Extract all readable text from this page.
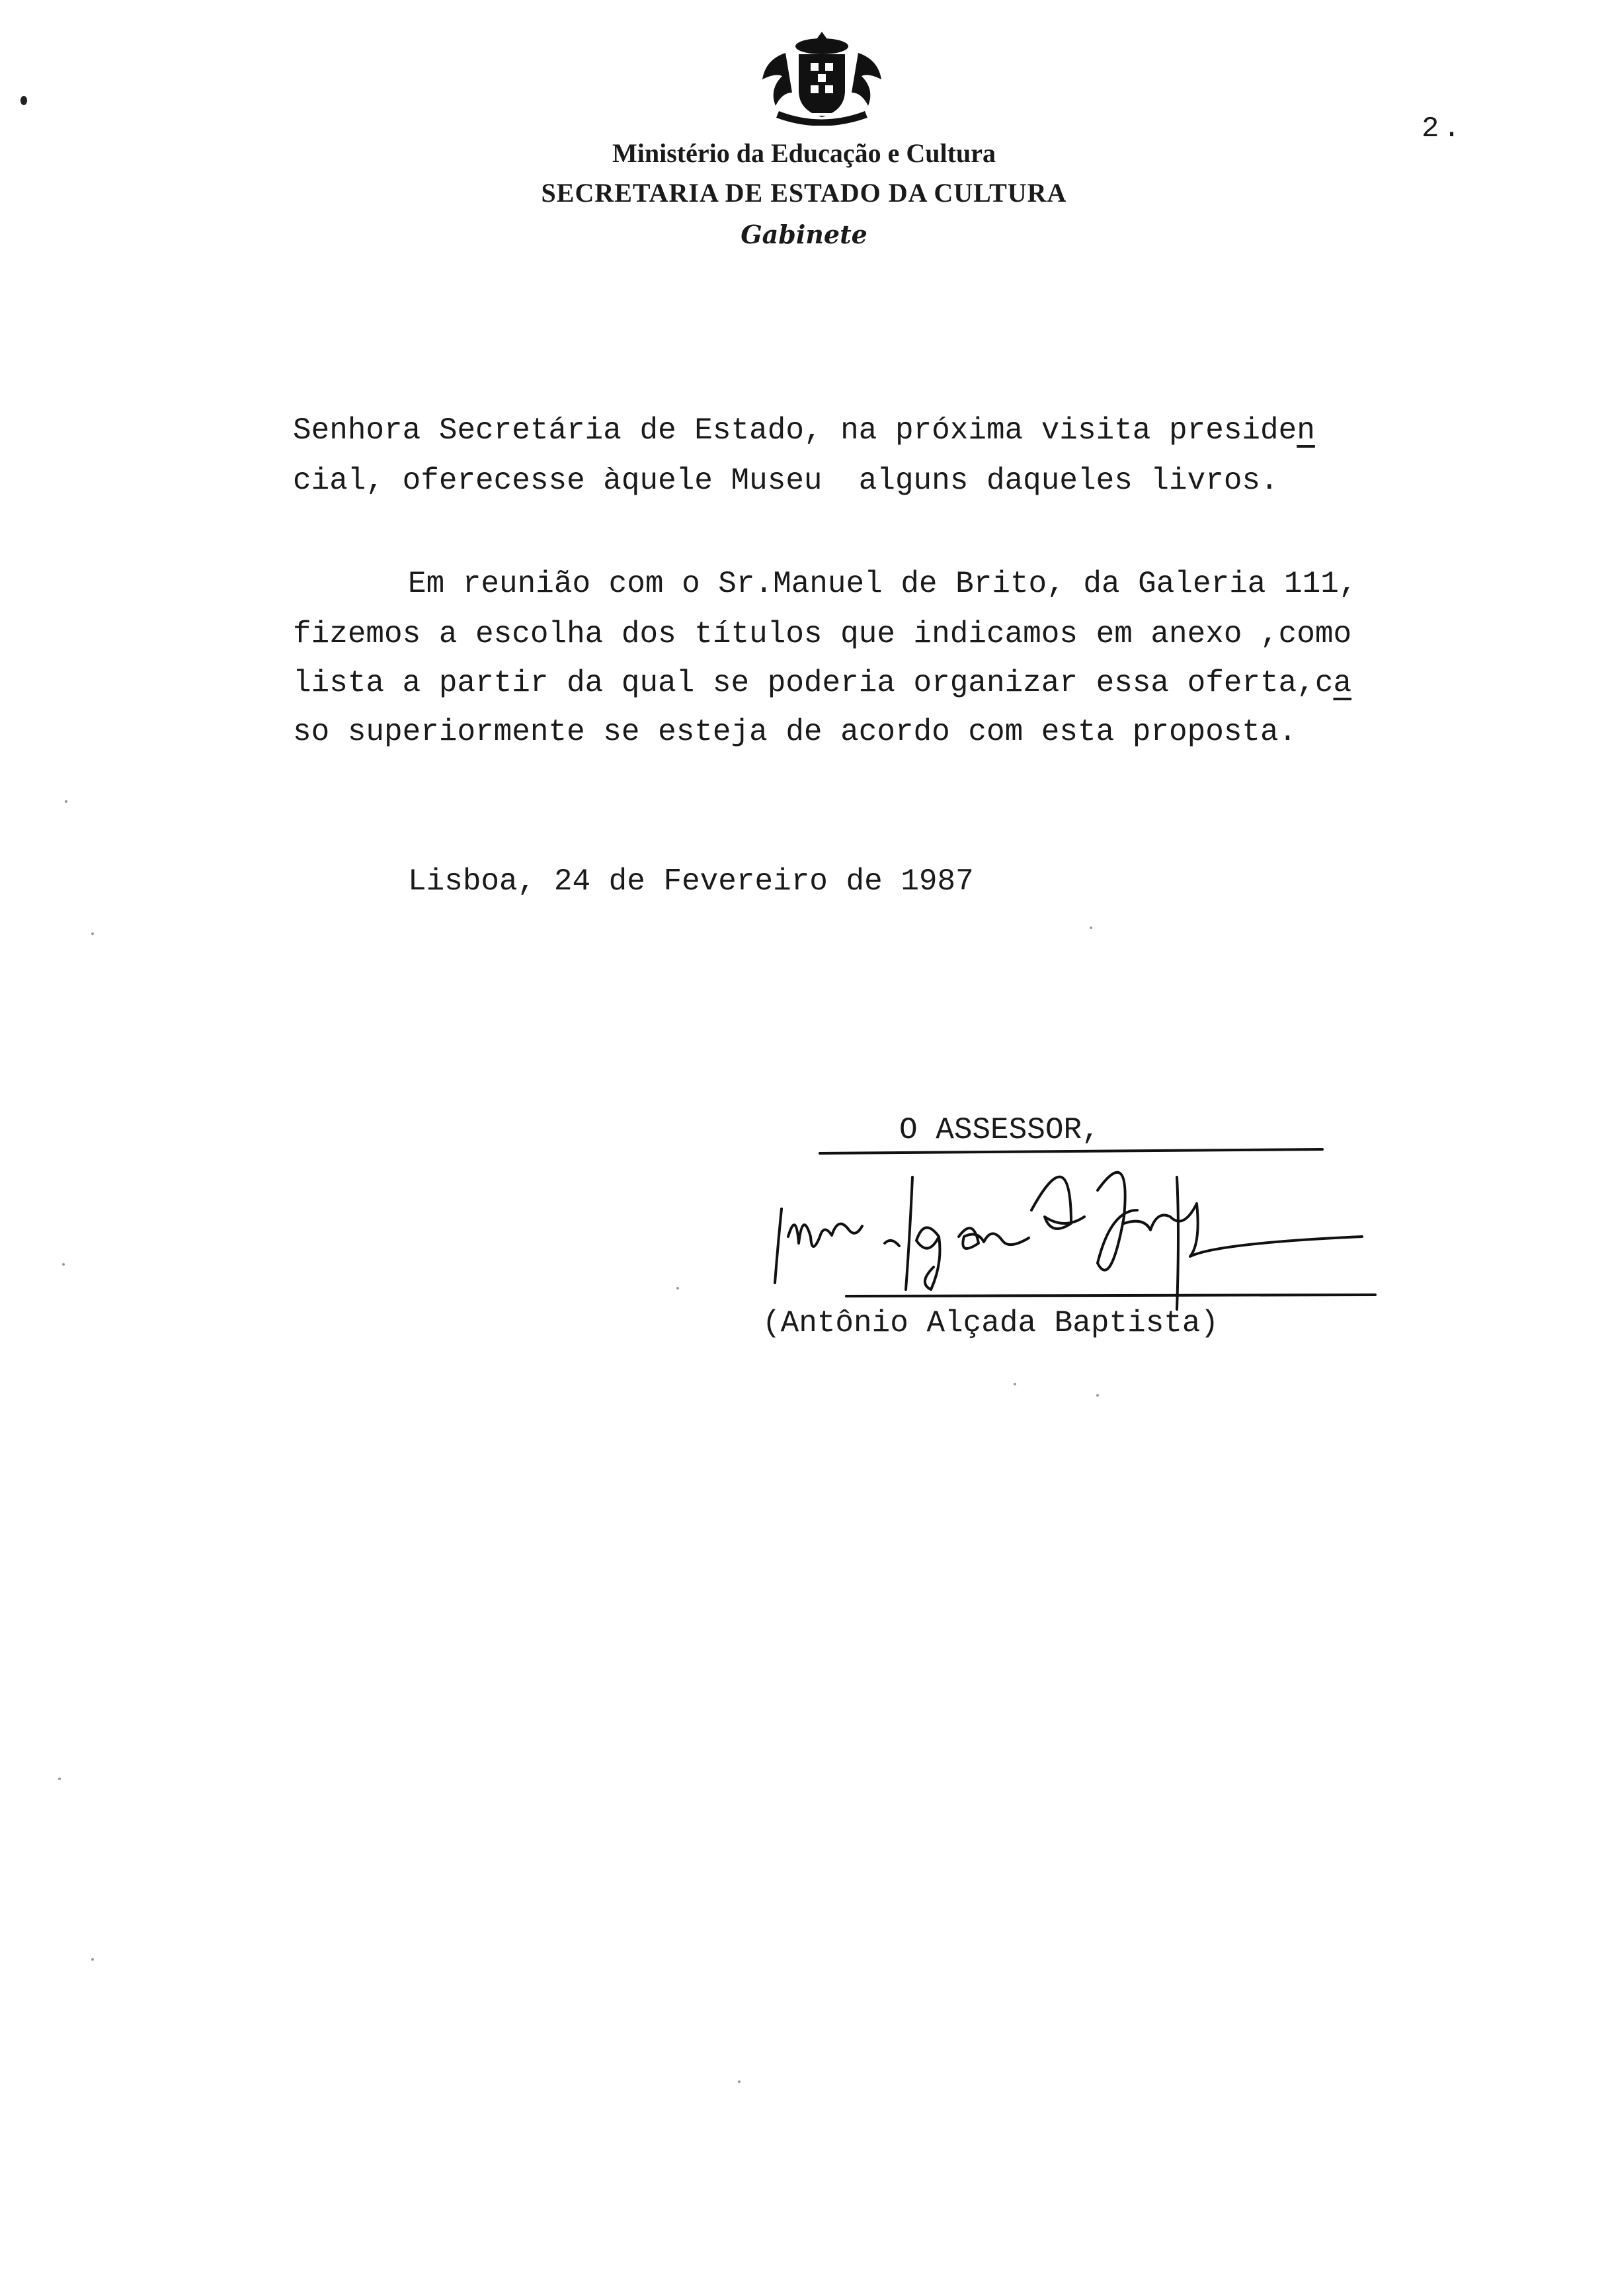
2.
Ministério da Educação e Cultura
SECRETARIA DE ESTADO DA CULTURA
Gabinete
Senhora Secretária de Estado, na próxima visita presiden
cial, oferecesse àquele Museu  alguns daqueles livros.
Em reunião com o Sr.Manuel de Brito, da Galeria 111,
fizemos a escolha dos títulos que indicamos em anexo ,como
lista a partir da qual se poderia organizar essa oferta,ca
so superiormente se esteja de acordo com esta proposta.
Lisboa, 24 de Fevereiro de 1987
O ASSESSOR,
(Antônio Alçada Baptista)
